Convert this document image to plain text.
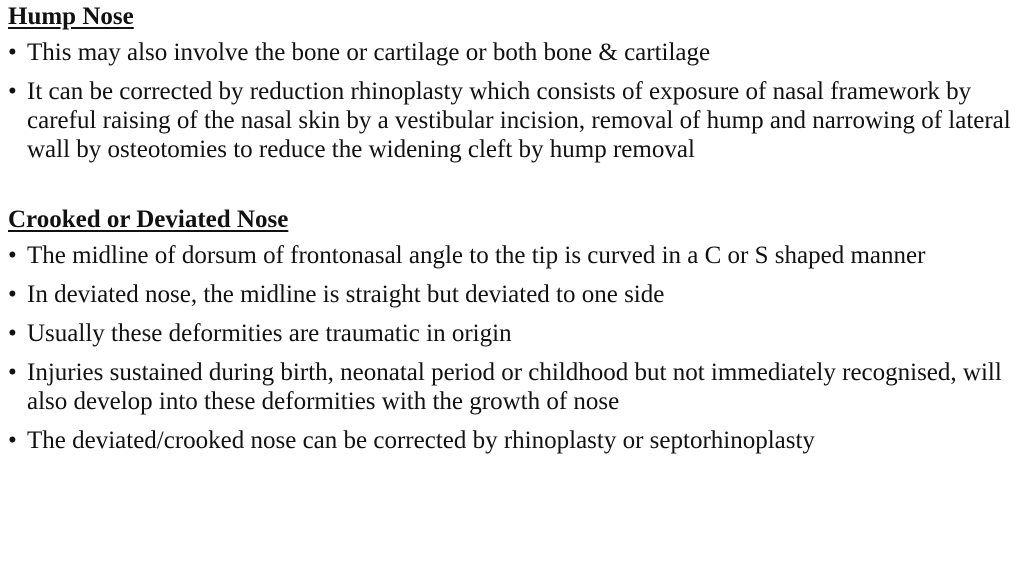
Hump Nose
• This may also involve the bone or cartilage or both bone & cartilage
• It can be corrected by reduction rhinoplasty which consists of exposure of nasal framework by careful raising of the nasal skin by a vestibular incision, removal of hump and narrowing of lateral wall by osteotomies to reduce the widening cleft by hump removal
Crooked or Deviated Nose
• The midline of dorsum of frontonasal angle to the tip is curved in a C or S shaped manner
• In deviated nose, the midline is straight but deviated to one side
• Usually these deformities are traumatic in origin
• Injuries sustained during birth, neonatal period or childhood but not immediately recognised, will also develop into these deformities with the growth of nose
• The deviated/crooked nose can be corrected by rhinoplasty or septorhinoplasty
